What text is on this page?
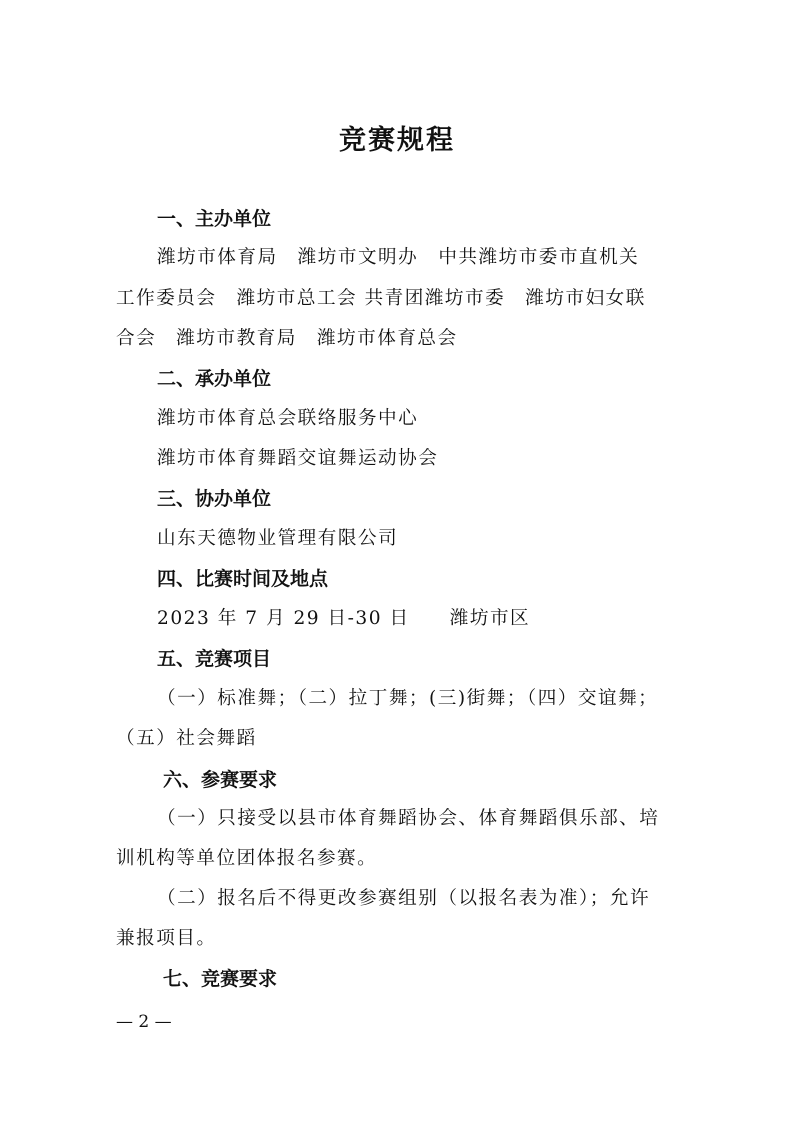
竞赛规程
一、主办单位
潍坊市体育局　潍坊市文明办　中共潍坊市委市直机关
工作委员会　潍坊市总工会 共青团潍坊市委　潍坊市妇女联
合会　潍坊市教育局　潍坊市体育总会
二、承办单位
潍坊市体育总会联络服务中心
潍坊市体育舞蹈交谊舞运动协会
三、协办单位
山东天德物业管理有限公司
四、比赛时间及地点
2023 年 7 月 29 日-30 日　　潍坊市区
五、竞赛项目
（一）标准舞；（二）拉丁舞；(三)街舞；（四）交谊舞；
（五）社会舞蹈
六、参赛要求
（一）只接受以县市体育舞蹈协会、体育舞蹈俱乐部、培
训机构等单位团体报名参赛。
（二）报名后不得更改参赛组别（以报名表为准）；允许
兼报项目。
七、竞赛要求
— 2 —
